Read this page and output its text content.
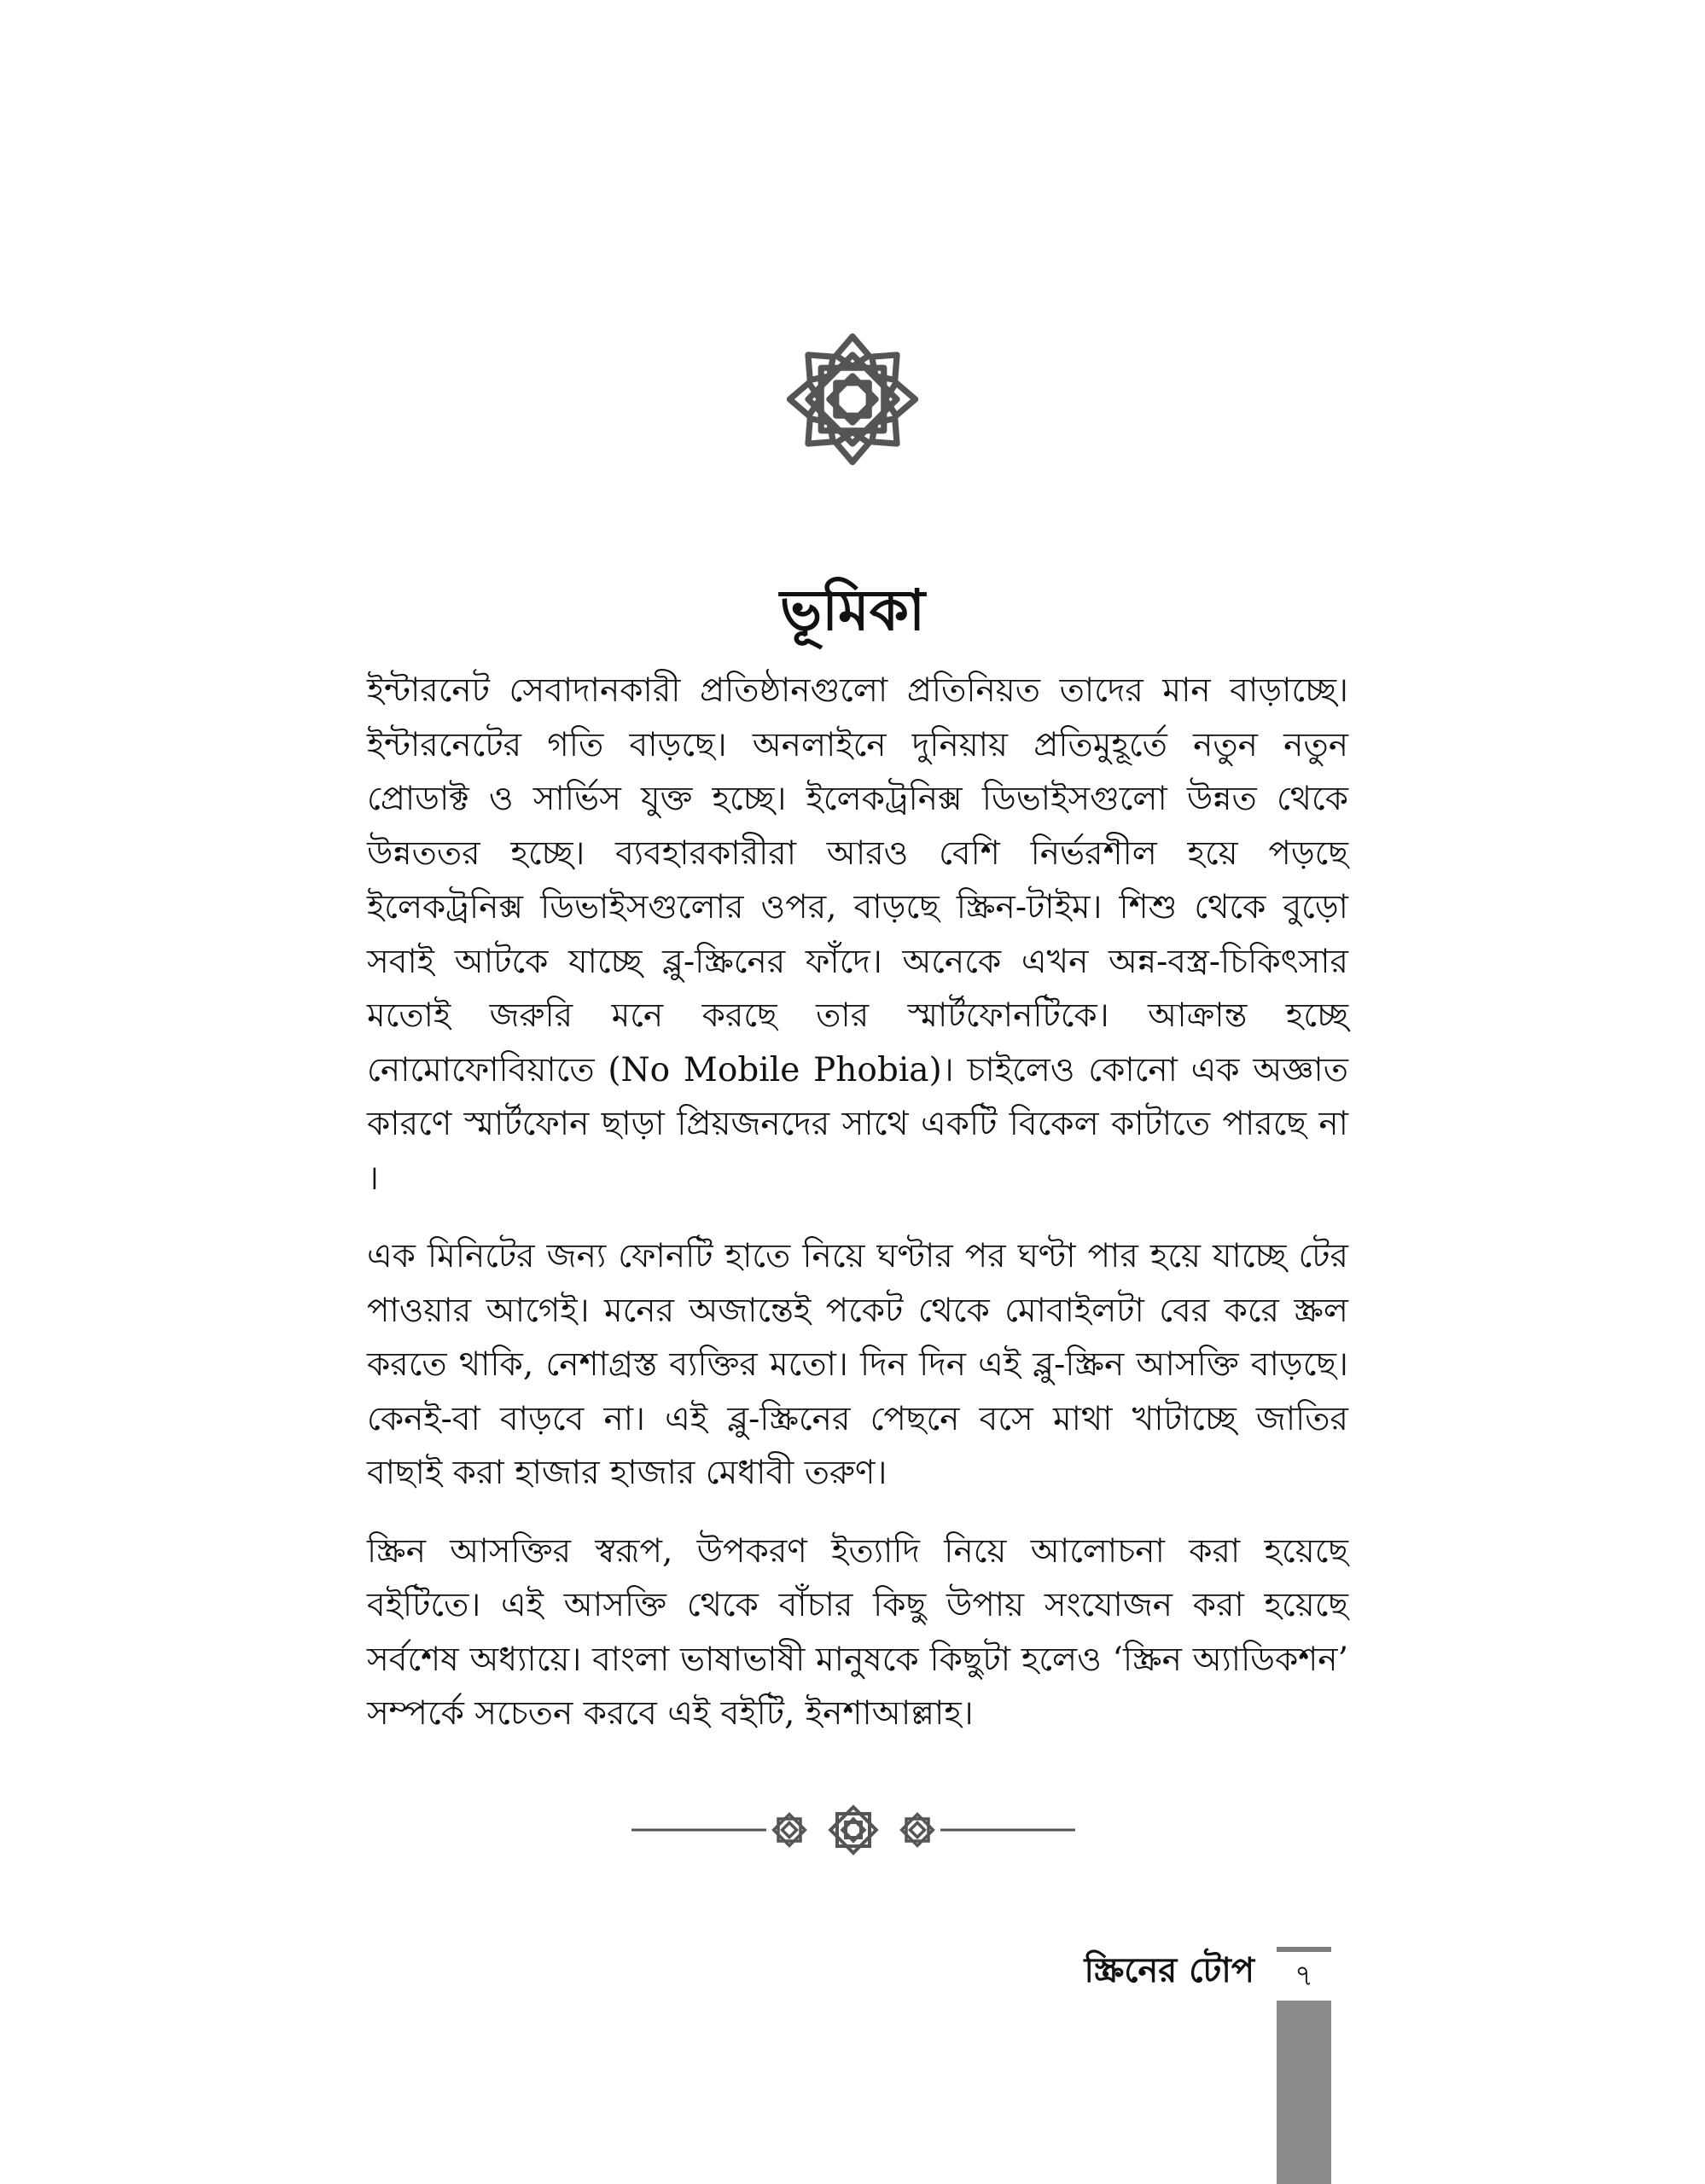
ভূমিকা

ইন্টারনেট সেবাদানকারী প্রতিষ্ঠানগুলো প্রতিনিয়ত তাদের মান বাড়াচ্ছে। ইন্টারনেটের গতি বাড়ছে। অনলাইনে দুনিয়ায় প্রতিমুহূর্তে নতুন নতুন প্রোডাক্ট ও সার্ভিস যুক্ত হচ্ছে। ইলেকট্রনিক্স ডিভাইসগুলো উন্নত থেকে উন্নততর হচ্ছে। ব্যবহারকারীরা আরও বেশি নির্ভরশীল হয়ে পড়ছে ইলেকট্রনিক্স ডিভাইসগুলোর ওপর, বাড়ছে স্ক্রিন-টাইম। শিশু থেকে বুড়ো সবাই আটকে যাচ্ছে ব্লু-স্ক্রিনের ফাঁদে। অনেকে এখন অন্ন-বস্ত্র-চিকিৎসার মতোই জরুরি মনে করছে তার স্মার্টফোনটিকে। আক্রান্ত হচ্ছে নোমোফোবিয়াতে (No Mobile Phobia)। চাইলেও কোনো এক অজ্ঞাত কারণে স্মার্টফোন ছাড়া প্রিয়জনদের সাথে একটি বিকেল কাটাতে পারছে না ।

এক মিনিটের জন্য ফোনটি হাতে নিয়ে ঘণ্টার পর ঘণ্টা পার হয়ে যাচ্ছে টের পাওয়ার আগেই। মনের অজান্তেই পকেট থেকে মোবাইলটা বের করে স্ক্রল করতে থাকি, নেশাগ্রস্ত ব্যক্তির মতো। দিন দিন এই ব্লু-স্ক্রিন আসক্তি বাড়ছে। কেনই-বা বাড়বে না। এই ব্লু-স্ক্রিনের পেছনে বসে মাথা খাটাচ্ছে জাতির বাছাই করা হাজার হাজার মেধাবী তরুণ।

স্ক্রিন আসক্তির স্বরূপ, উপকরণ ইত্যাদি নিয়ে আলোচনা করা হয়েছে বইটিতে। এই আসক্তি থেকে বাঁচার কিছু উপায় সংযোজন করা হয়েছে সর্বশেষ অধ্যায়ে। বাংলা ভাষাভাষী মানুষকে কিছুটা হলেও ‘স্ক্রিন অ্যাডিকশন’ সম্পর্কে সচেতন করবে এই বইটি, ইনশাআল্লাহ।

স্ক্রিনের টোপ	৭
